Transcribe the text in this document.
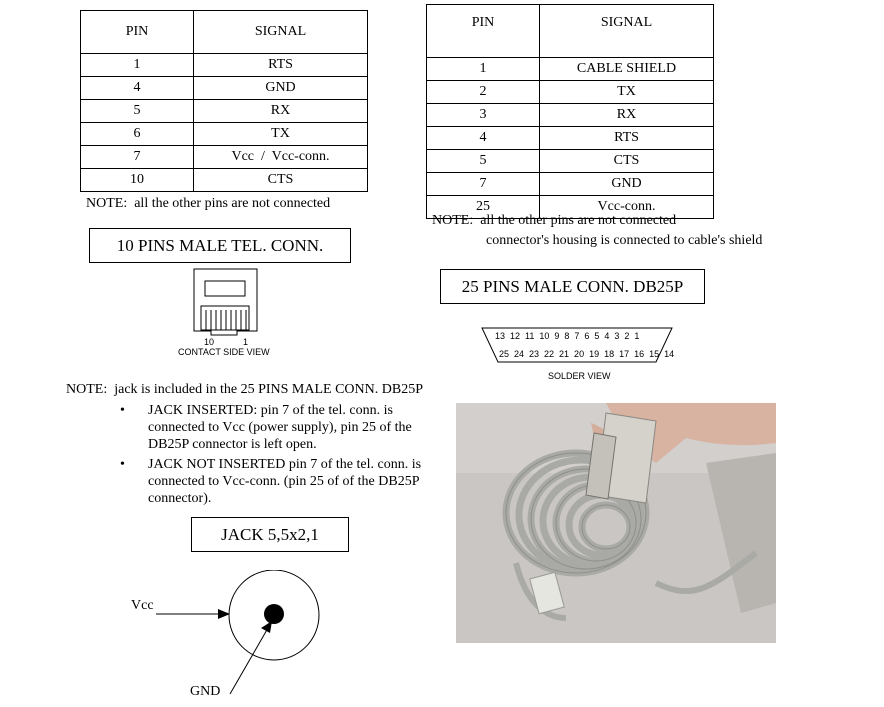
PIN	SIGNAL
1	RTS
4	GND
5	RX
6	TX
7	Vcc  /  Vcc-conn.
10	CTS
NOTE:  all the other pins are not connected
10 PINS MALE TEL. CONN.
10	1
CONTACT SIDE VIEW
PIN	SIGNAL
1	CABLE SHIELD
2	TX
3	RX
4	RTS
5	CTS
7	GND
25	Vcc-conn.
NOTE:  all the other pins are not connected
connector's housing is connected to cable's shield
25 PINS MALE CONN. DB25P
13  12  11  10  9  8  7  6  5  4  3  2  1
25  24  23  22  21  20  19  18  17  16  15  14
SOLDER VIEW
NOTE:  jack is included in the 25 PINS MALE CONN. DB25P
• JACK INSERTED: pin 7 of the tel. conn. is connected to Vcc (power supply), pin 25 of the DB25P connector is left open.
• JACK NOT INSERTED pin 7 of the tel. conn. is connected to Vcc-conn. (pin 25 of of the DB25P connector).
JACK 5,5x2,1
Vcc
GND
